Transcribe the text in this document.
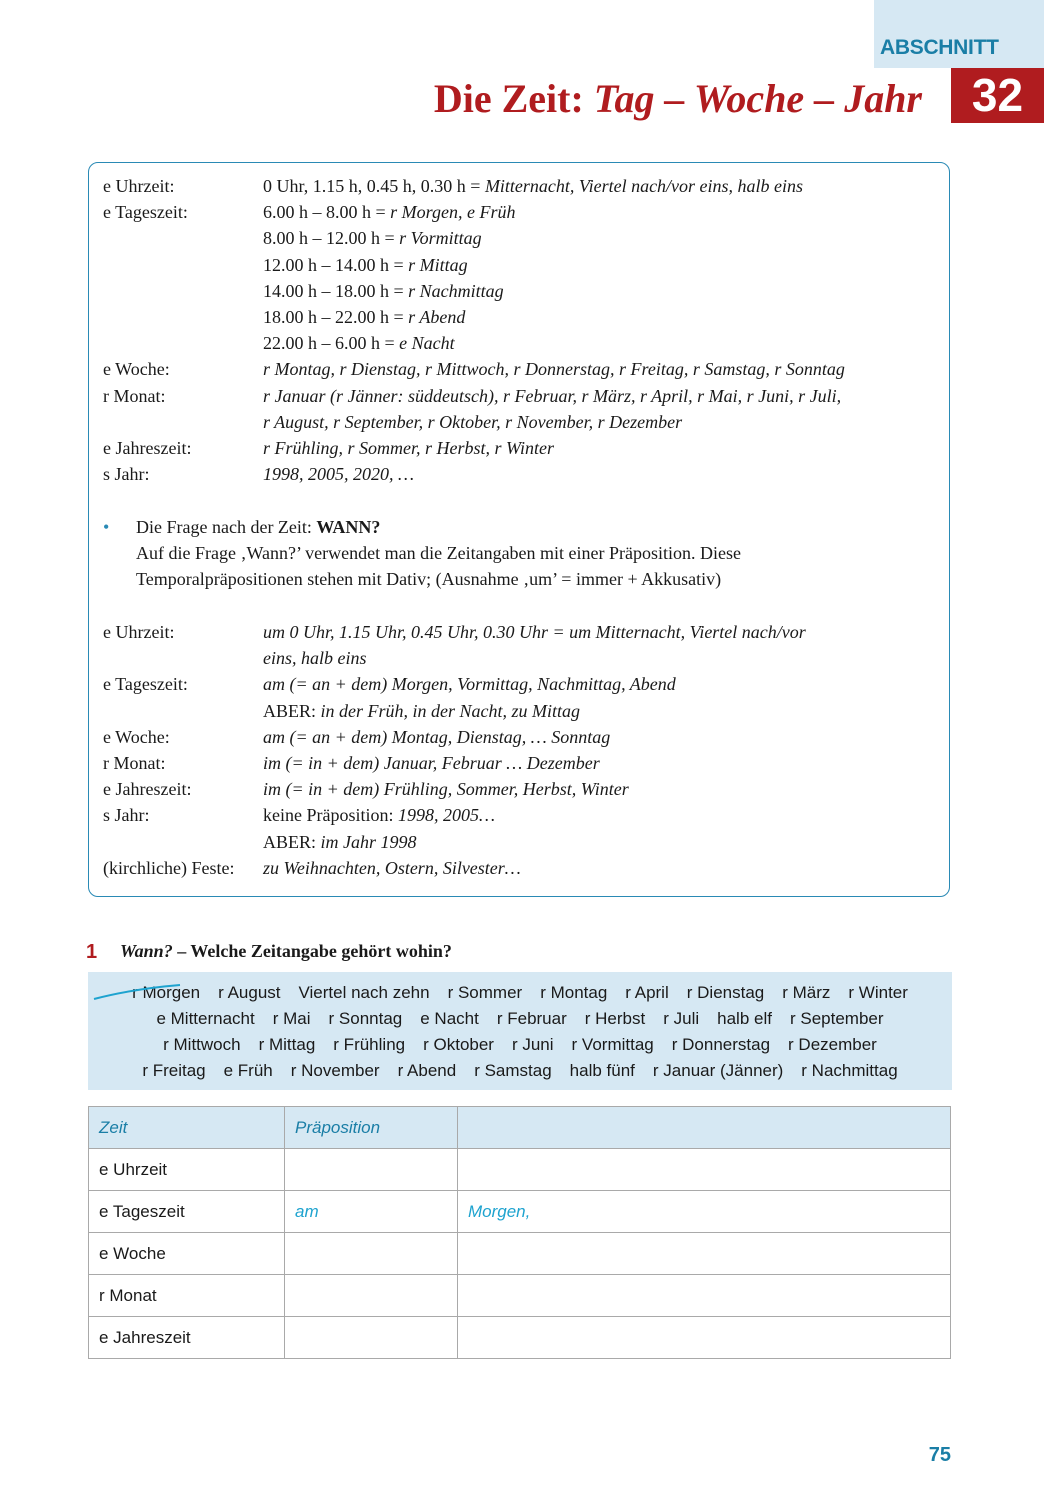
ABSCHNITT
32
Die Zeit: Tag – Woche – Jahr
e Uhrzeit:	0 Uhr, 1.15 h, 0.45 h, 0.30 h = Mitternacht, Viertel nach/vor eins, halb eins
e Tageszeit:	6.00 h – 8.00 h = r Morgen, e Früh
8.00 h – 12.00 h = r Vormittag
12.00 h – 14.00 h = r Mittag
14.00 h – 18.00 h = r Nachmittag
18.00 h – 22.00 h = r Abend
22.00 h – 6.00 h = e Nacht
e Woche:	r Montag, r Dienstag, r Mittwoch, r Donnerstag, r Freitag, r Samstag, r Sonntag
r Monat:	r Januar (r Jänner: süddeutsch), r Februar, r März, r April, r Mai, r Juni, r Juli,
r August, r September, r Oktober, r November, r Dezember
e Jahreszeit:	r Frühling, r Sommer, r Herbst, r Winter
s Jahr:	1998, 2005, 2020, …
• Die Frage nach der Zeit: WANN?
Auf die Frage ‚Wann?’ verwendet man die Zeitangaben mit einer Präposition. Diese
Temporalpräpositionen stehen mit Dativ; (Ausnahme ‚um’ = immer + Akkusativ)
e Uhrzeit:	um 0 Uhr, 1.15 Uhr, 0.45 Uhr, 0.30 Uhr = um Mitternacht, Viertel nach/vor
eins, halb eins
e Tageszeit:	am (= an + dem) Morgen, Vormittag, Nachmittag, Abend
ABER: in der Früh, in der Nacht, zu Mittag
e Woche:	am (= an + dem) Montag, Dienstag, … Sonntag
r Monat:	im (= in + dem) Januar, Februar … Dezember
e Jahreszeit:	im (= in + dem) Frühling, Sommer, Herbst, Winter
s Jahr:	keine Präposition: 1998, 2005…
ABER: im Jahr 1998
(kirchliche) Feste: zu Weihnachten, Ostern, Silvester…
1 Wann? – Welche Zeitangabe gehört wohin?
r Morgen r August Viertel nach zehn r Sommer r Montag r April r Dienstag r März r Winter
e Mitternacht r Mai r Sonntag e Nacht r Februar r Herbst r Juli halb elf r September
r Mittwoch r Mittag r Frühling r Oktober r Juni r Vormittag r Donnerstag r Dezember
r Freitag e Früh r November r Abend r Samstag halb fünf r Januar (Jänner) r Nachmittag
Zeit	Präposition	
e Uhrzeit		
e Tageszeit	am	Morgen,
e Woche		
r Monat		
e Jahreszeit		
75
